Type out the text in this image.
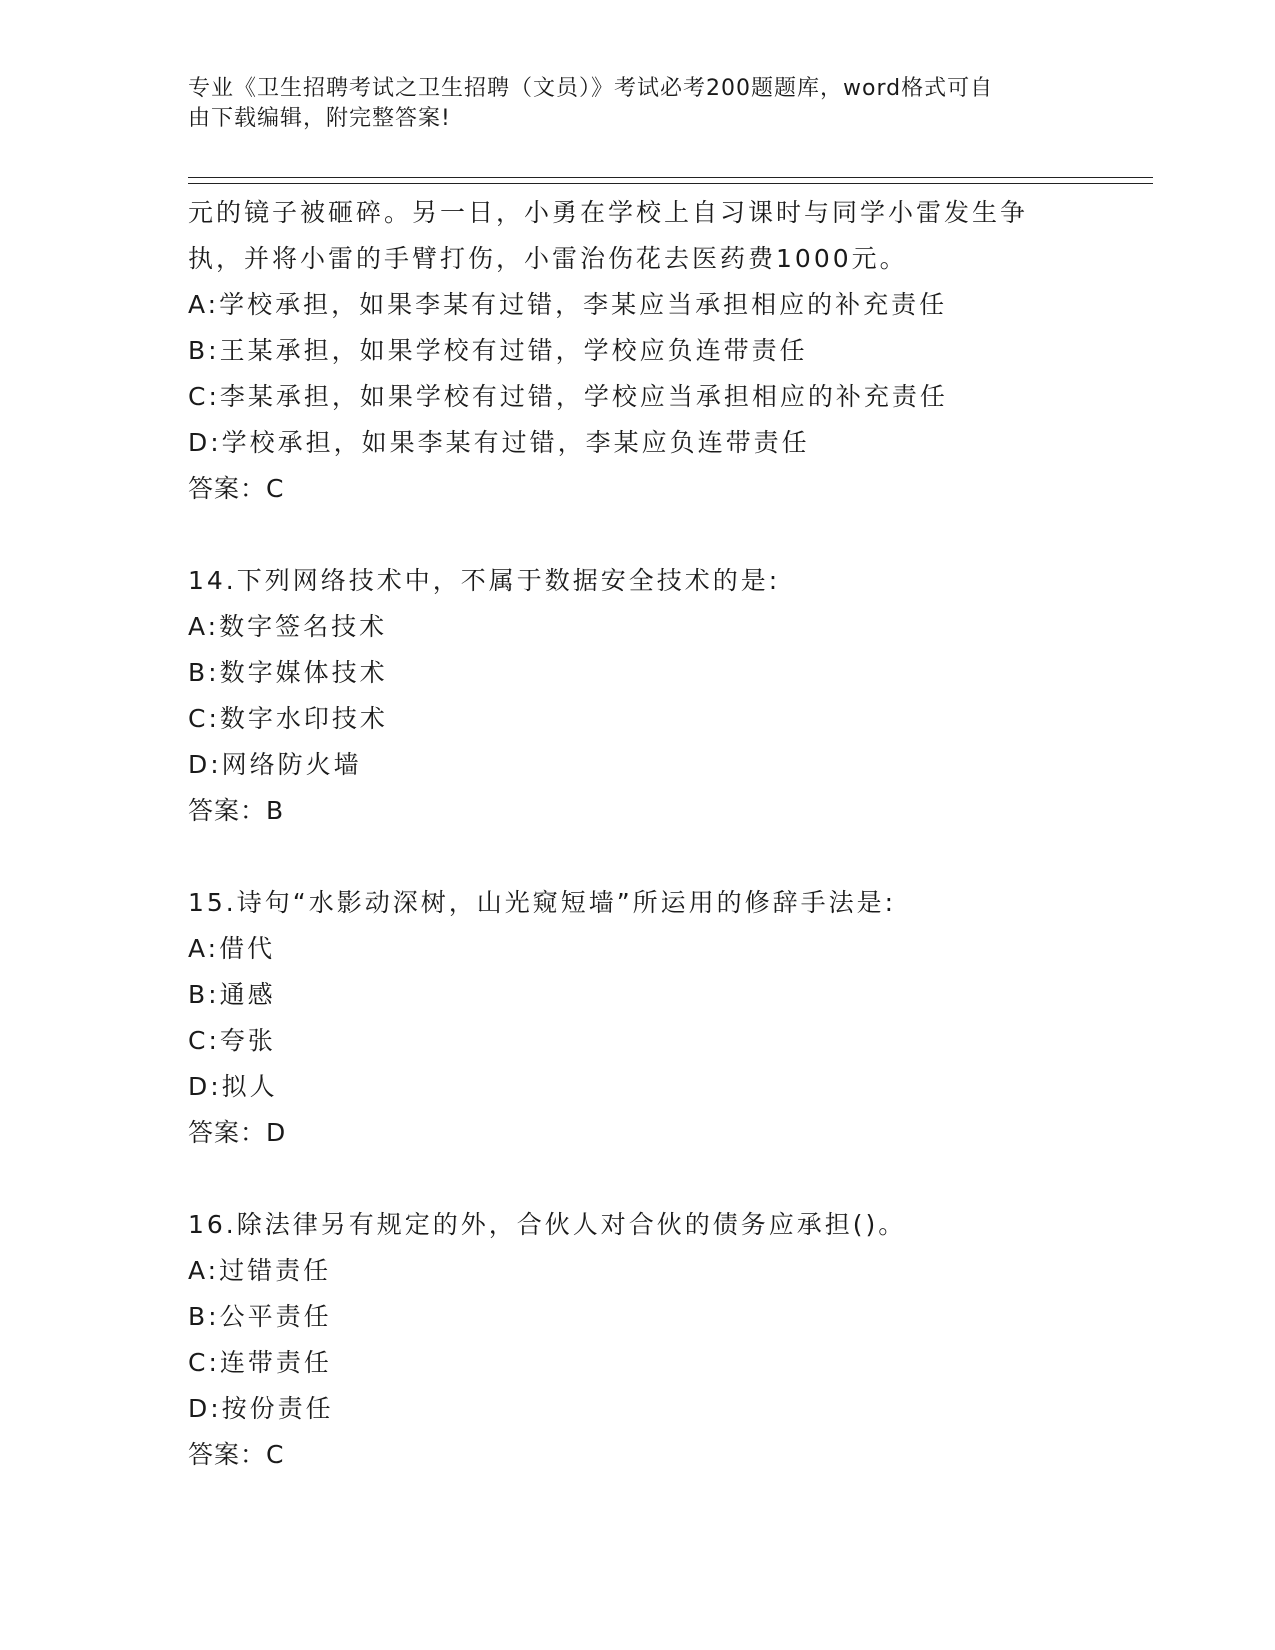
专业《卫生招聘考试之卫生招聘（文员）》考试必考200题题库，word格式可自
由下载编辑，附完整答案!
元的镜子被砸碎。另一日，小勇在学校上自习课时与同学小雷发生争
执，并将小雷的手臂打伤，小雷治伤花去医药费1000元。
A:学校承担，如果李某有过错，李某应当承担相应的补充责任
B:王某承担，如果学校有过错，学校应负连带责任
C:李某承担，如果学校有过错，学校应当承担相应的补充责任
D:学校承担，如果李某有过错，李某应负连带责任
答案：C
14.下列网络技术中，不属于数据安全技术的是:
A:数字签名技术
B:数字媒体技术
C:数字水印技术
D:网络防火墙
答案：B
15.诗句“水影动深树，山光窥短墙”所运用的修辞手法是:
A:借代
B:通感
C:夸张
D:拟人
答案：D
16.除法律另有规定的外，合伙人对合伙的债务应承担()。
A:过错责任
B:公平责任
C:连带责任
D:按份责任
答案：C
